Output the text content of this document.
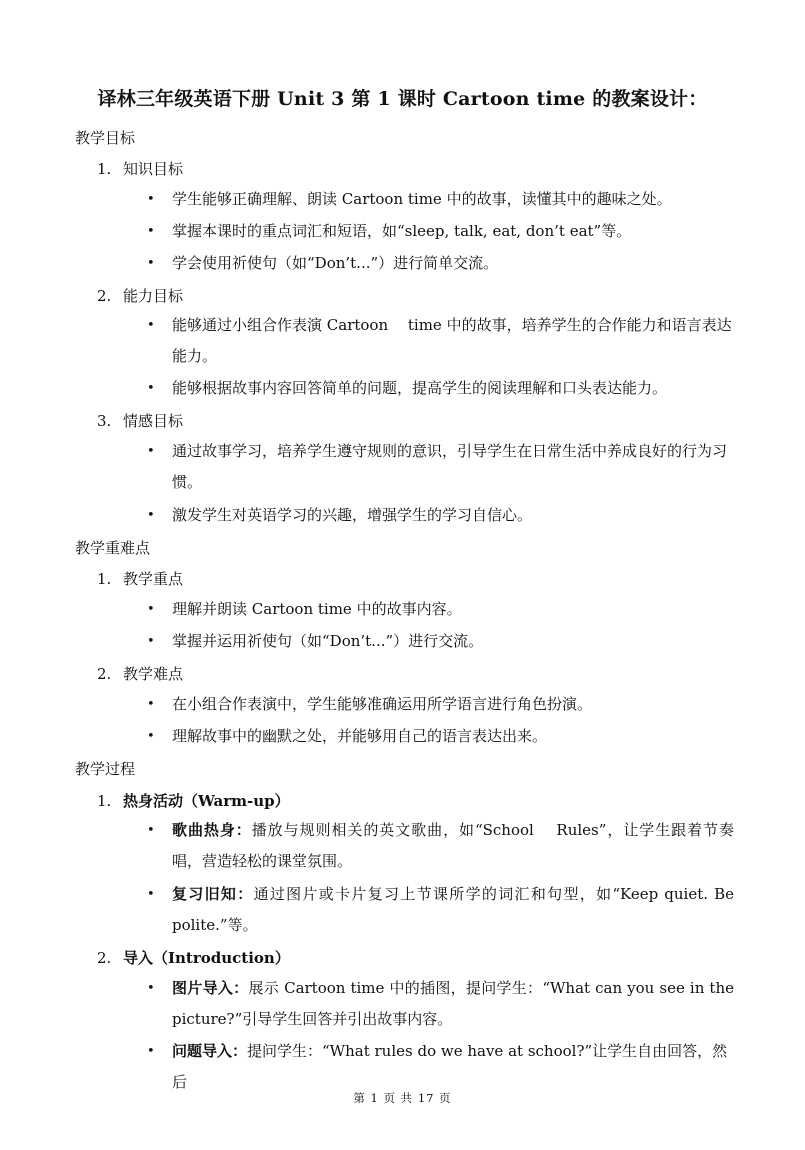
译林三年级英语下册 Unit 3 第 1 课时 Cartoon time 的教案设计：
教学目标
1. 知识目标
• 学生能够正确理解、朗读 Cartoon time 中的故事，读懂其中的趣味之处。
• 掌握本课时的重点词汇和短语，如“sleep, talk, eat, don’t eat”等。
• 学会使用祈使句（如“Don’t...”）进行简单交流。
2. 能力目标
• 能够通过小组合作表演 Cartoon　 time 中的故事，培养学生的合作能力和语言表达能力。
• 能够根据故事内容回答简单的问题，提高学生的阅读理解和口头表达能力。
3. 情感目标
• 通过故事学习，培养学生遵守规则的意识，引导学生在日常生活中养成良好的行为习惯。
• 激发学生对英语学习的兴趣，增强学生的学习自信心。
教学重难点
1. 教学重点
• 理解并朗读 Cartoon time 中的故事内容。
• 掌握并运用祈使句（如“Don’t...”）进行交流。
2. 教学难点
• 在小组合作表演中，学生能够准确运用所学语言进行角色扮演。
• 理解故事中的幽默之处，并能够用自己的语言表达出来。
教学过程
1. 热身活动（Warm-up）
• 歌曲热身：播放与规则相关的英文歌曲，如“School　 Rules”，让学生跟着节奏唱，营造轻松的课堂氛围。
• 复习旧知：通过图片或卡片复习上节课所学的词汇和句型，如“Keep quiet. Be polite.”等。
2. 导入（Introduction）
• 图片导入：展示 Cartoon time 中的插图，提问学生：“What can you see in the picture?”引导学生回答并引出故事内容。
• 问题导入：提问学生：“What rules do we have at school?”让学生自由回答，然后
第 1 页 共 17 页
